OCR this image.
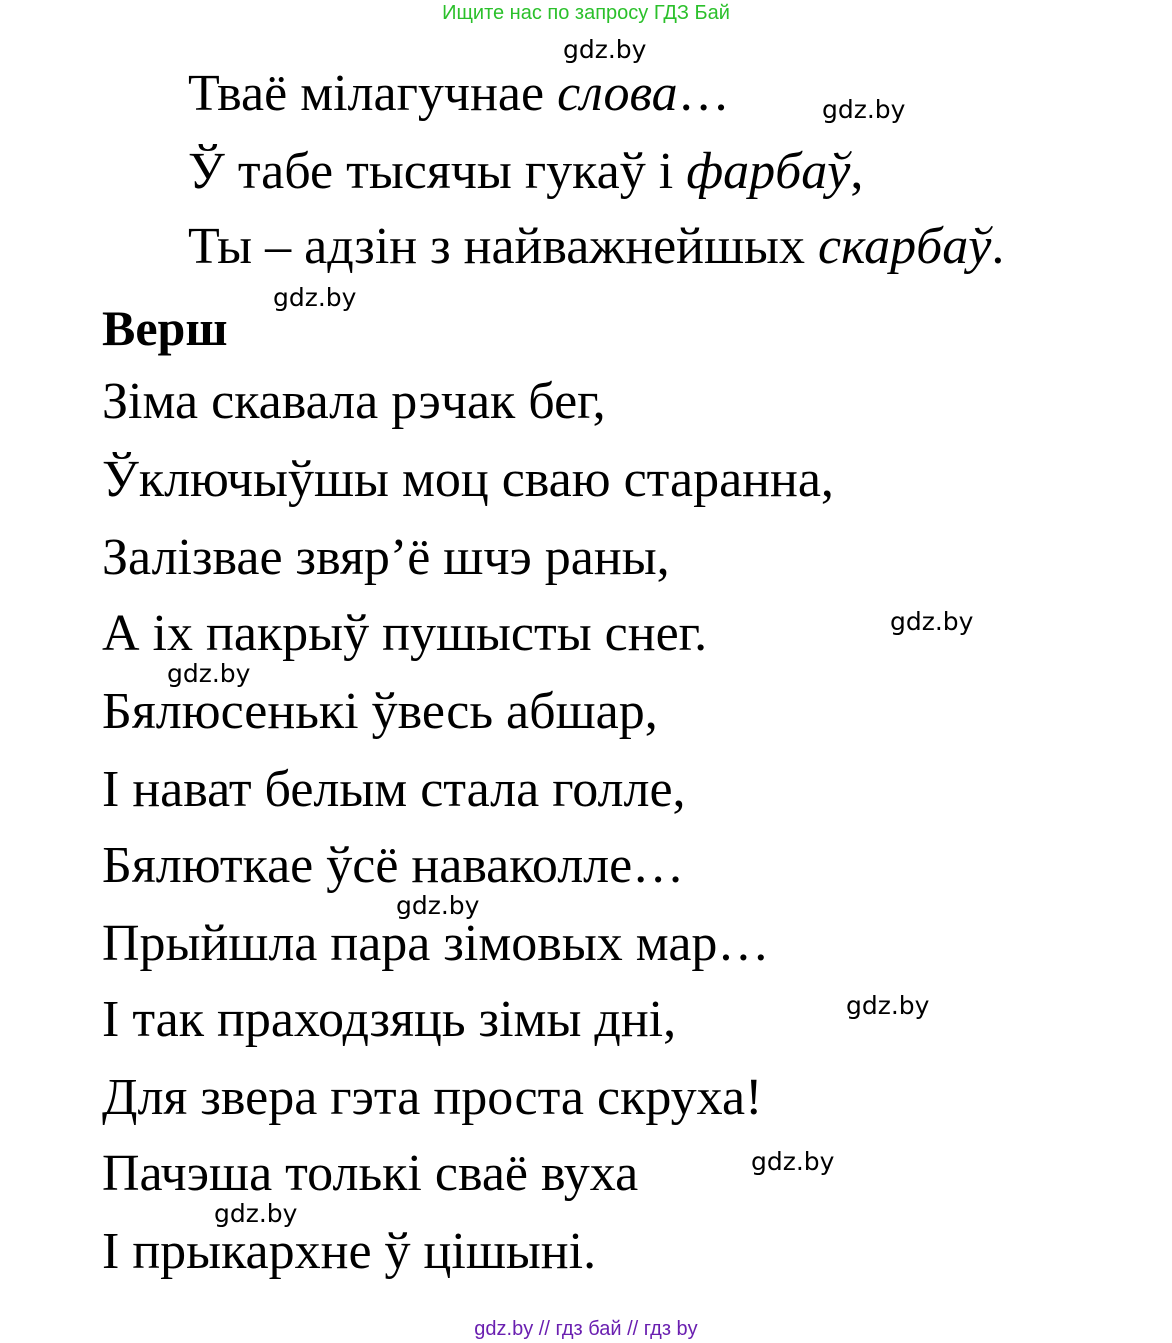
Ищите нас по запросу ГДЗ Бай
gdz.by
gdz.by
gdz.by
gdz.by
gdz.by
gdz.by
gdz.by
gdz.by
gdz.by
Тваё мілагучнае слова…
Ў табе тысячы гукаў і фарбаў,
Ты – адзін з найважнейшых скарбаў.
Верш
Зіма скавала рэчак бег,
Ўключыўшы моц сваю старанна,
Залізвае звяр’ё шчэ раны,
А іх пакрыў пушысты снег.
Бялюсенькі ўвесь абшар,
І нават белым стала голле,
Бялюткае ўсё наваколле…
Прыйшла пара зімовых мар…
І так праходзяць зімы дні,
Для звера гэта проста скруха!
Пачэша толькі сваё вуха
І прыкархне ў цішыні.
gdz.by // гдз бай // гдз by
